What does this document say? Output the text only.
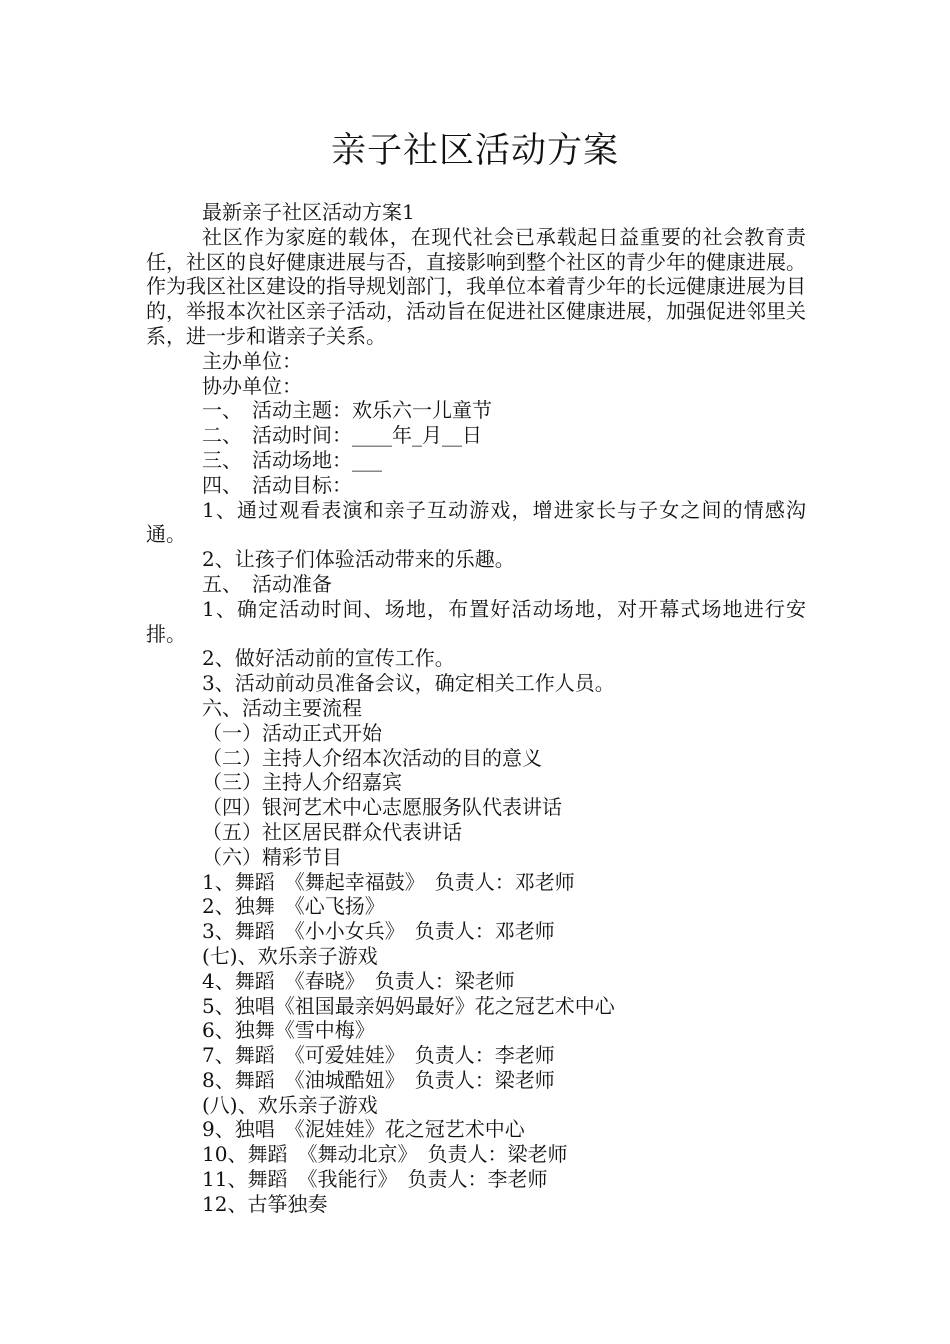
亲子社区活动方案

最新亲子社区活动方案1

社区作为家庭的载体，在现代社会已承载起日益重要的社会教育责任，社区的良好健康进展与否，直接影响到整个社区的青少年的健康进展。作为我区社区建设的指导规划部门，我单位本着青少年的长远健康进展为目的，举报本次社区亲子活动，活动旨在促进社区健康进展，加强促进邻里关系，进一步和谐亲子关系。

主办单位：

协办单位：

一、　活动主题：欢乐六一儿童节

二、　活动时间：____年_月__日

三、　活动场地：___

四、　活动目标：

1、通过观看表演和亲子互动游戏，增进家长与子女之间的情感沟通。

2、让孩子们体验活动带来的乐趣。

五、　活动准备

1、确定活动时间、场地，布置好活动场地，对开幕式场地进行安排。

2、做好活动前的宣传工作。

3、活动前动员准备会议，确定相关工作人员。

六、活动主要流程

（一）活动正式开始

（二）主持人介绍本次活动的目的意义

（三）主持人介绍嘉宾

（四）银河艺术中心志愿服务队代表讲话

（五）社区居民群众代表讲话

（六）精彩节目

1、舞蹈　《舞起幸福鼓》　负责人：邓老师

2、独舞　《心飞扬》

3、舞蹈　《小小女兵》　负责人：邓老师

(七)、欢乐亲子游戏

4、舞蹈　《春晓》　负责人：梁老师

5、独唱《祖国最亲妈妈最好》花之冠艺术中心

6、独舞《雪中梅》

7、舞蹈　《可爱娃娃》　负责人：李老师

8、舞蹈　《油城酷妞》　负责人：梁老师

(八)、欢乐亲子游戏

9、独唱　《泥娃娃》花之冠艺术中心

10、舞蹈　《舞动北京》　负责人：梁老师

11、舞蹈　《我能行》　负责人：李老师

12、古筝独奏
